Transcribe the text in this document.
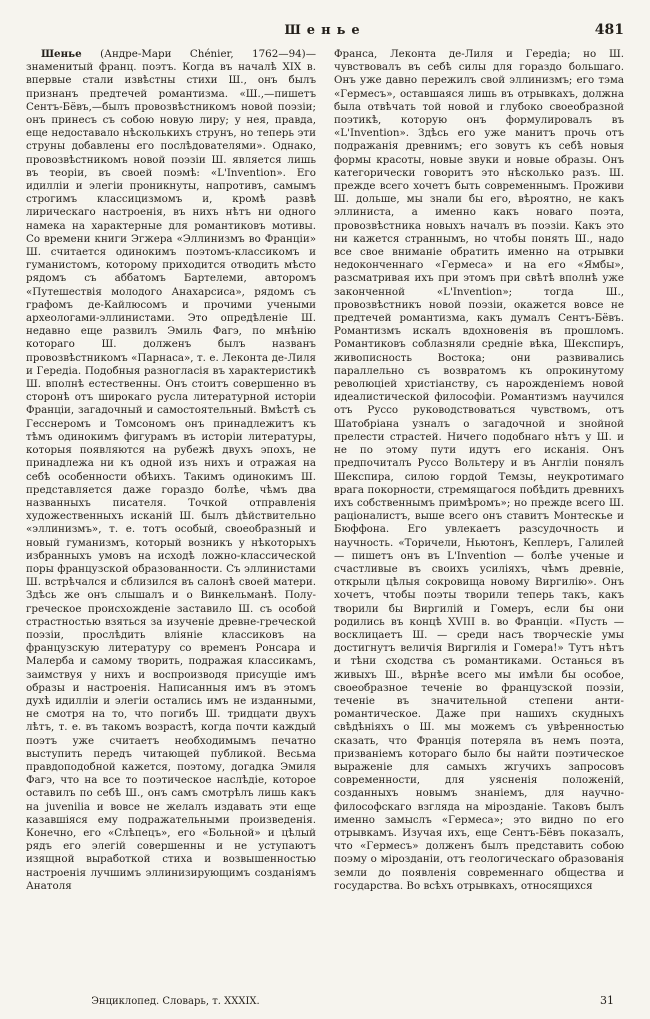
Шенье	481

Шенье (Андре-Мари Chénier, 1762—94)—знаменитый франц. поэтъ. Когда въ началѣ XIX в. впервые стали извѣстны стихи Ш., онъ былъ признанъ предтечей романтизма. «Ш.,—пишетъ Сентъ-Бёвъ,—былъ провозвѣстникомъ новой поэзіи; онъ принесъ съ собою новую лиру; у нея, правда, еще недоставало нѣсколькихъ струнъ, но теперь эти струны добавлены его послѣдователями». Однако, провозвѣстникомъ новой поэзіи Ш. является лишь въ теоріи, въ своей поэмѣ: «L'Invention». Его идилліи и элегіи проникнуты, напротивъ, самымъ строгимъ классицизмомъ и, кромѣ развѣ лирическаго настроенія, въ нихъ нѣтъ ни одного намека на характерные для романтиковъ мотивы. Со времени книги Эгжера «Эллинизмъ во Франціи» Ш. считается одинокимъ поэтомъ-классикомъ и гуманистомъ, которому приходится отводить мѣсто рядомъ съ аббатомъ Бартелеми, авторомъ «Путешествія молодого Анахарсиса», рядомъ съ графомъ де-Кайлюсомъ и прочими учеными археологами-эллинистами. Это опредѣленіе Ш. недавно еще развилъ Эмиль Фагэ, по мнѣнію котораго Ш. долженъ былъ названъ провозвѣстникомъ «Парнаса», т. е. Леконта де-Лиля и Гередіа. Подобныя разногласія въ характеристикѣ Ш. вполнѣ естественны. Онъ стоитъ совершенно въ сторонѣ отъ широкаго русла литературной исторіи Франціи, загадочный и самостоятельный. Вмѣстѣ съ Гесснеромъ и Томсономъ онъ принадлежитъ къ тѣмъ одинокимъ фигурамъ въ исторіи литературы, которыя появляются на рубежѣ двухъ эпохъ, не принадлежа ни къ одной изъ нихъ и отражая на себѣ особенности обѣихъ. Такимъ одинокимъ Ш. представляется даже гораздо болѣе, чѣмъ два названныхъ писателя. Точкой отправленія художественныхъ исканій Ш. былъ дѣйствительно «эллинизмъ», т. е. тотъ особый, своеобразный и новый гуманизмъ, который возникъ у нѣкоторыхъ избранныхъ умовъ на исходѣ ложно-классической поры французской образованности. Съ эллинистами Ш. встрѣчался и сблизился въ салонѣ своей матери. Здѣсь же онъ слышалъ и о Винкельманѣ. Полу-греческое происхожденіе заставило Ш. съ особой страстностью взяться за изученіе древне-греческой поэзіи, прослѣдить вліяніе классиковъ на французскую литературу со временъ Ронсара и Малерба и самому творить, подражая классикамъ, заимствуя у нихъ и воспроизводя присущіе имъ образы и настроенія. Написанныя имъ въ этомъ духѣ идилліи и элегіи остались имъ не изданными, не смотря на то, что погибъ Ш. тридцати двухъ лѣтъ, т. е. въ такомъ возрастѣ, когда почти каждый поэтъ уже считаетъ необходимымъ печатно выступить передъ читающей публикой. Весьма правдоподобной кажется, поэтому, догадка Эмиля Фагэ, что на все то поэтическое наслѣдіе, которое оставилъ по себѣ Ш., онъ самъ смотрѣлъ лишь какъ на juvenilia и вовсе не желалъ издавать эти еще казавшіяся ему подражательными произведенія. Конечно, его «Слѣпецъ», его «Больной» и цѣлый рядъ его элегій совершенны и не уступаютъ изящной выработкой стиха и возвышенностью настроенія лучшимъ эллинизирующимъ созданіямъ Анатоля

Франса, Леконта де-Лиля и Гередіа; но Ш. чувствовалъ въ себѣ силы для гораздо большаго. Онъ уже давно пережилъ свой эллинизмъ; его тэма «Гермесъ», оставшаяся лишь въ отрывкахъ, должна была отвѣчать той новой и глубоко своеобразной поэтикѣ, которую онъ формулировалъ въ «L'Invention». Здѣсь его уже манитъ прочь отъ подражанія древнимъ; его зовутъ къ себѣ новыя формы красоты, новые звуки и новые образы. Онъ категорически говоритъ это нѣсколько разъ. Ш. прежде всего хочетъ быть современнымъ. Проживи Ш. дольше, мы знали бы его, вѣроятно, не какъ эллиниста, а именно какъ новаго поэта, провозвѣстника новыхъ началъ въ поэзіи. Какъ это ни кажется страннымъ, но чтобы понять Ш., надо все свое вниманіе обратить именно на отрывки недоконченнаго «Гермеса» и на его «Ямбы», разсматривая ихъ при этомъ при свѣтѣ вполнѣ уже законченной «L'Invention»; тогда Ш., провозвѣстникъ новой поэзіи, окажется вовсе не предтечей романтизма, какъ думалъ Сентъ-Бёвъ. Романтизмъ искалъ вдохновенія въ прошломъ. Романтиковъ соблазняли средніе вѣка, Шекспиръ, живописность Востока; они развивались параллельно съ возвратомъ къ опрокинутому революціей христіанству, съ нарожденіемъ новой идеалистической философіи. Романтизмъ научился отъ Руссо руководствоваться чувствомъ, отъ Шатобріана узналъ о загадочной и знойной прелести страстей. Ничего подобнаго нѣтъ у Ш. и не по этому пути идутъ его исканія. Онъ предпочиталъ Руссо Вольтеру и въ Англіи понялъ Шекспира, силою гордой Темзы, неукротимаго врага покорности, стремящагося побѣдить древнихъ ихъ собственнымъ примѣромъ»; но прежде всего Ш. раціоналистъ, выше всего онъ ставитъ Монтескье и Бюффона. Его увлекаетъ разсудочность и научность. «Торичели, Ньютонъ, Кеплеръ, Галилей — пишетъ онъ въ L'Invention — болѣе ученые и счастливые въ своихъ усиліяхъ, чѣмъ древніе, открыли цѣлыя сокровища новому Виргилію». Онъ хочетъ, чтобы поэты творили теперь такъ, какъ творили бы Виргилій и Гомеръ, если бы они родились въ концѣ XVIII в. во Франціи. «Пусть — восклицаетъ Ш. — среди насъ творческіе умы достигнутъ величія Виргилія и Гомера!» Тутъ нѣтъ и тѣни сходства съ романтиками. Останься въ живыхъ Ш., вѣрнѣе всего мы имѣли бы особое, своеобразное теченіе во французской поэзіи, теченіе въ значительной степени анти-романтическое. Даже при нашихъ скудныхъ свѣдѣніяхъ о Ш. мы можемъ съ увѣренностью сказать, что Франція потеряла въ немъ поэта, призваніемъ котораго было бы найти поэтическое выраженіе для самыхъ жгучихъ запросовъ современности, для уясненія положеній, созданныхъ новымъ знаніемъ, для научно-философскаго взгляда на мірозданіе. Таковъ былъ именно замыслъ «Гермеса»; это видно по его отрывкамъ. Изучая ихъ, еще Сентъ-Бёвъ показалъ, что «Гермесъ» долженъ былъ представить собою поэму о мірозданіи, отъ геологическаго образованія земли до появленія современнаго общества и государства. Во всѣхъ отрывкахъ, относящихся

Энциклопед. Словарь, т. XXXIX.	31
